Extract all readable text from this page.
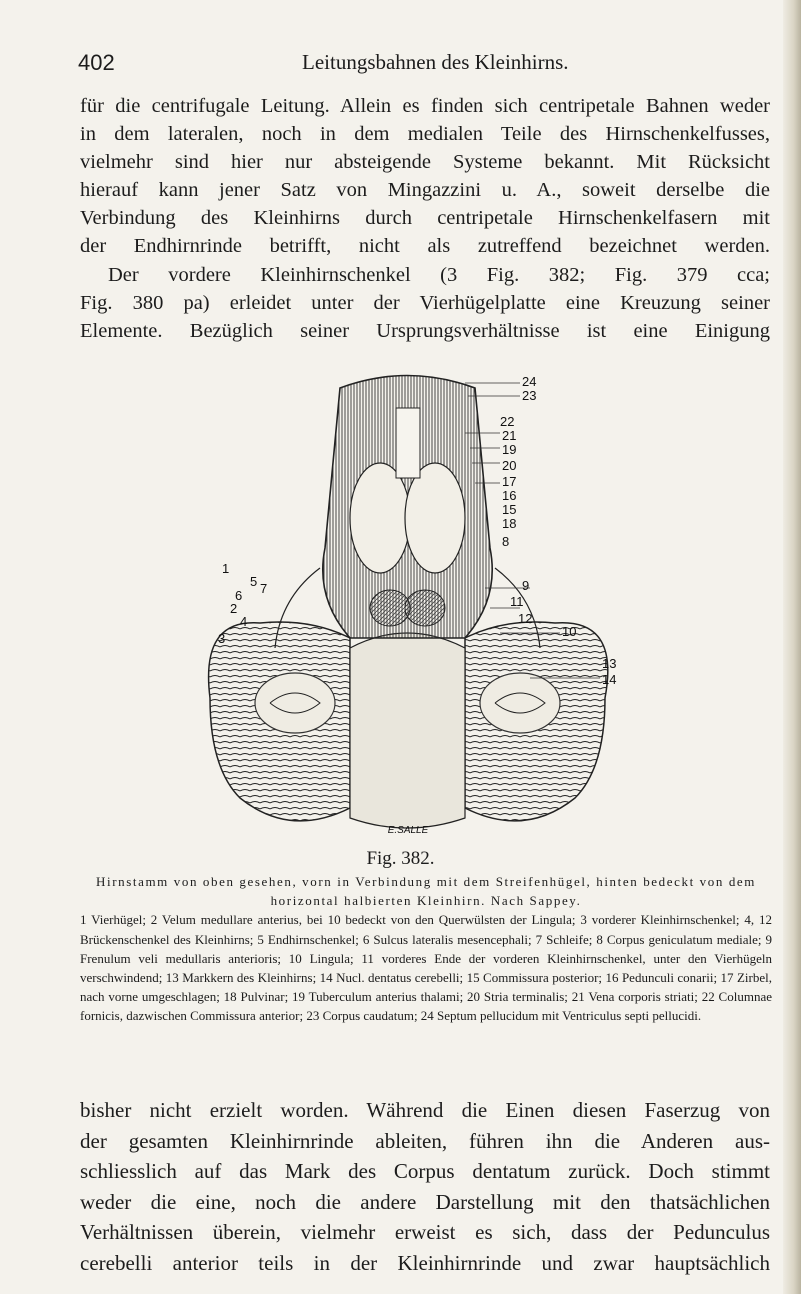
402	Leitungsbahnen des Kleinhirns.
für die centrifugale Leitung. Allein es finden sich centripetale Bahnen weder
in dem lateralen, noch in dem medialen Teile des Hirnschenkelfusses,
vielmehr sind hier nur absteigende Systeme bekannt. Mit Rücksicht
hierauf kann jener Satz von Mingazzini u. A., soweit derselbe die
Verbindung des Kleinhirns durch centripetale Hirnschenkelfasern mit
der Endhirnrinde betrifft, nicht als zutreffend bezeichnet werden.
Der vordere Kleinhirnschenkel (3 Fig. 382; Fig. 379 cca;
Fig. 380 pa) erleidet unter der Vierhügelplatte eine Kreuzung seiner
Elemente. Bezüglich seiner Ursprungsverhältnisse ist eine Einigung
E.SALLE
1
2
3
4
5
6 7
24
23
22
21
19
20
17
16
15
18
8
9
11
12
10
13
14
Fig. 382.
Hirnstamm von oben gesehen, vorn in Verbindung mit dem Streifenhügel, hinten bedeckt von dem horizontal halbierten Kleinhirn. Nach Sappey.
1 Vierhügel; 2 Velum medullare anterius, bei 10 bedeckt von den Querwülsten der Lingula; 3 vorderer Kleinhirnschenkel; 4, 12 Brückenschenkel des Kleinhirns; 5 Endhirnschenkel; 6 Sulcus lateralis mesencephali; 7 Schleife; 8 Corpus geniculatum mediale; 9 Frenulum veli medullaris anterioris; 10 Lingula; 11 vorderes Ende der vorderen Kleinhirnschenkel, unter den Vierhügeln verschwindend; 13 Markkern des Kleinhirns; 14 Nucl. dentatus cerebelli; 15 Commissura posterior; 16 Pedunculi conarii; 17 Zirbel, nach vorne umgeschlagen; 18 Pulvinar; 19 Tuberculum anterius thalami; 20 Stria terminalis; 21 Vena corporis striati; 22 Columnae fornicis, dazwischen Commissura anterior; 23 Corpus caudatum; 24 Septum pellucidum mit Ventriculus septi pellucidi.
bisher nicht erzielt worden. Während die Einen diesen Faserzug von
der gesamten Kleinhirnrinde ableiten, führen ihn die Anderen aus-
schliesslich auf das Mark des Corpus dentatum zurück. Doch stimmt
weder die eine, noch die andere Darstellung mit den thatsächlichen
Verhältnissen überein, vielmehr erweist es sich, dass der Pedunculus
cerebelli anterior teils in der Kleinhirnrinde und zwar hauptsächlich
